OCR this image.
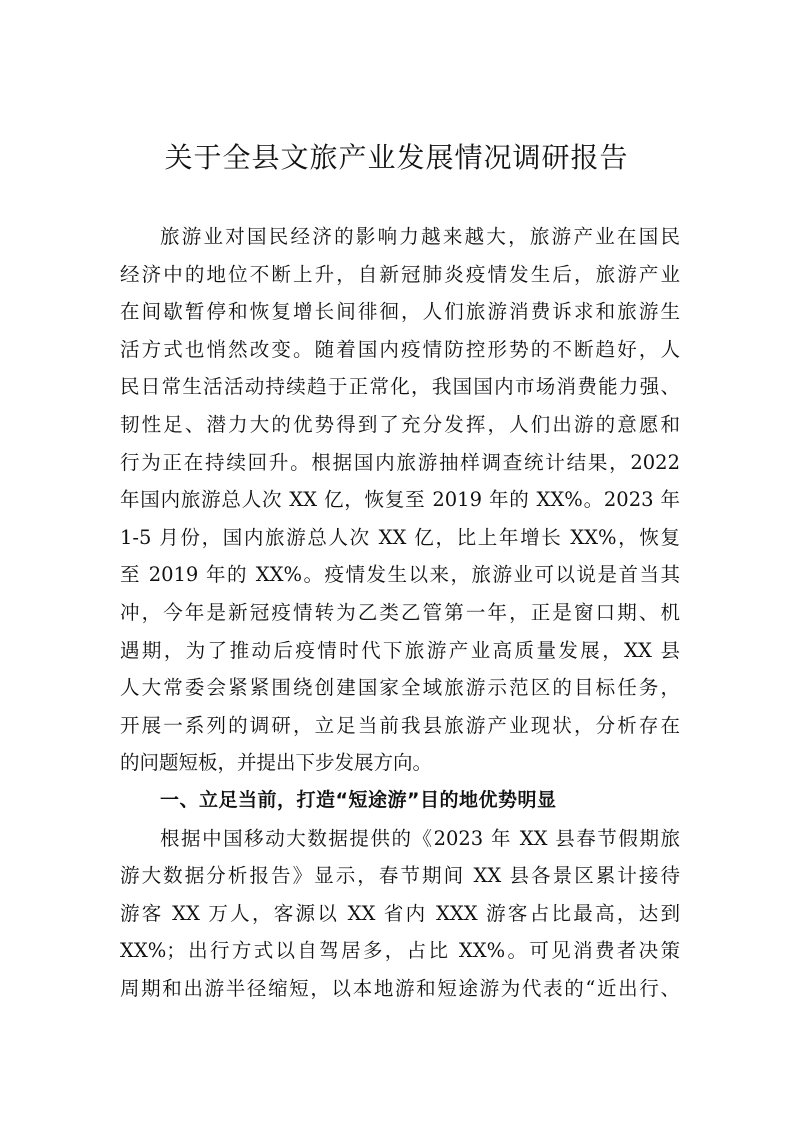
关于全县文旅产业发展情况调研报告
旅游业对国民经济的影响力越来越大，旅游产业在国民
经济中的地位不断上升，自新冠肺炎疫情发生后，旅游产业
在间歇暂停和恢复增长间徘徊，人们旅游消费诉求和旅游生
活方式也悄然改变。随着国内疫情防控形势的不断趋好，人
民日常生活活动持续趋于正常化，我国国内市场消费能力强、
韧性足、潜力大的优势得到了充分发挥，人们出游的意愿和
行为正在持续回升。根据国内旅游抽样调查统计结果，2022
年国内旅游总人次 XX 亿，恢复至 2019 年的 XX%。2023 年
1-5 月份，国内旅游总人次 XX 亿，比上年增长 XX%，恢复
至 2019 年的 XX%。疫情发生以来，旅游业可以说是首当其
冲，今年是新冠疫情转为乙类乙管第一年，正是窗口期、机
遇期，为了推动后疫情时代下旅游产业高质量发展，XX 县
人大常委会紧紧围绕创建国家全域旅游示范区的目标任务，
开展一系列的调研，立足当前我县旅游产业现状，分析存在
的问题短板，并提出下步发展方向。
一、立足当前，打造“短途游”目的地优势明显
根据中国移动大数据提供的《2023 年 XX 县春节假期旅
游大数据分析报告》显示，春节期间 XX 县各景区累计接待
游客 XX 万人，客源以 XX 省内 XXX 游客占比最高，达到
XX%；出行方式以自驾居多，占比 XX%。可见消费者决策
周期和出游半径缩短，以本地游和短途游为代表的“近出行、
